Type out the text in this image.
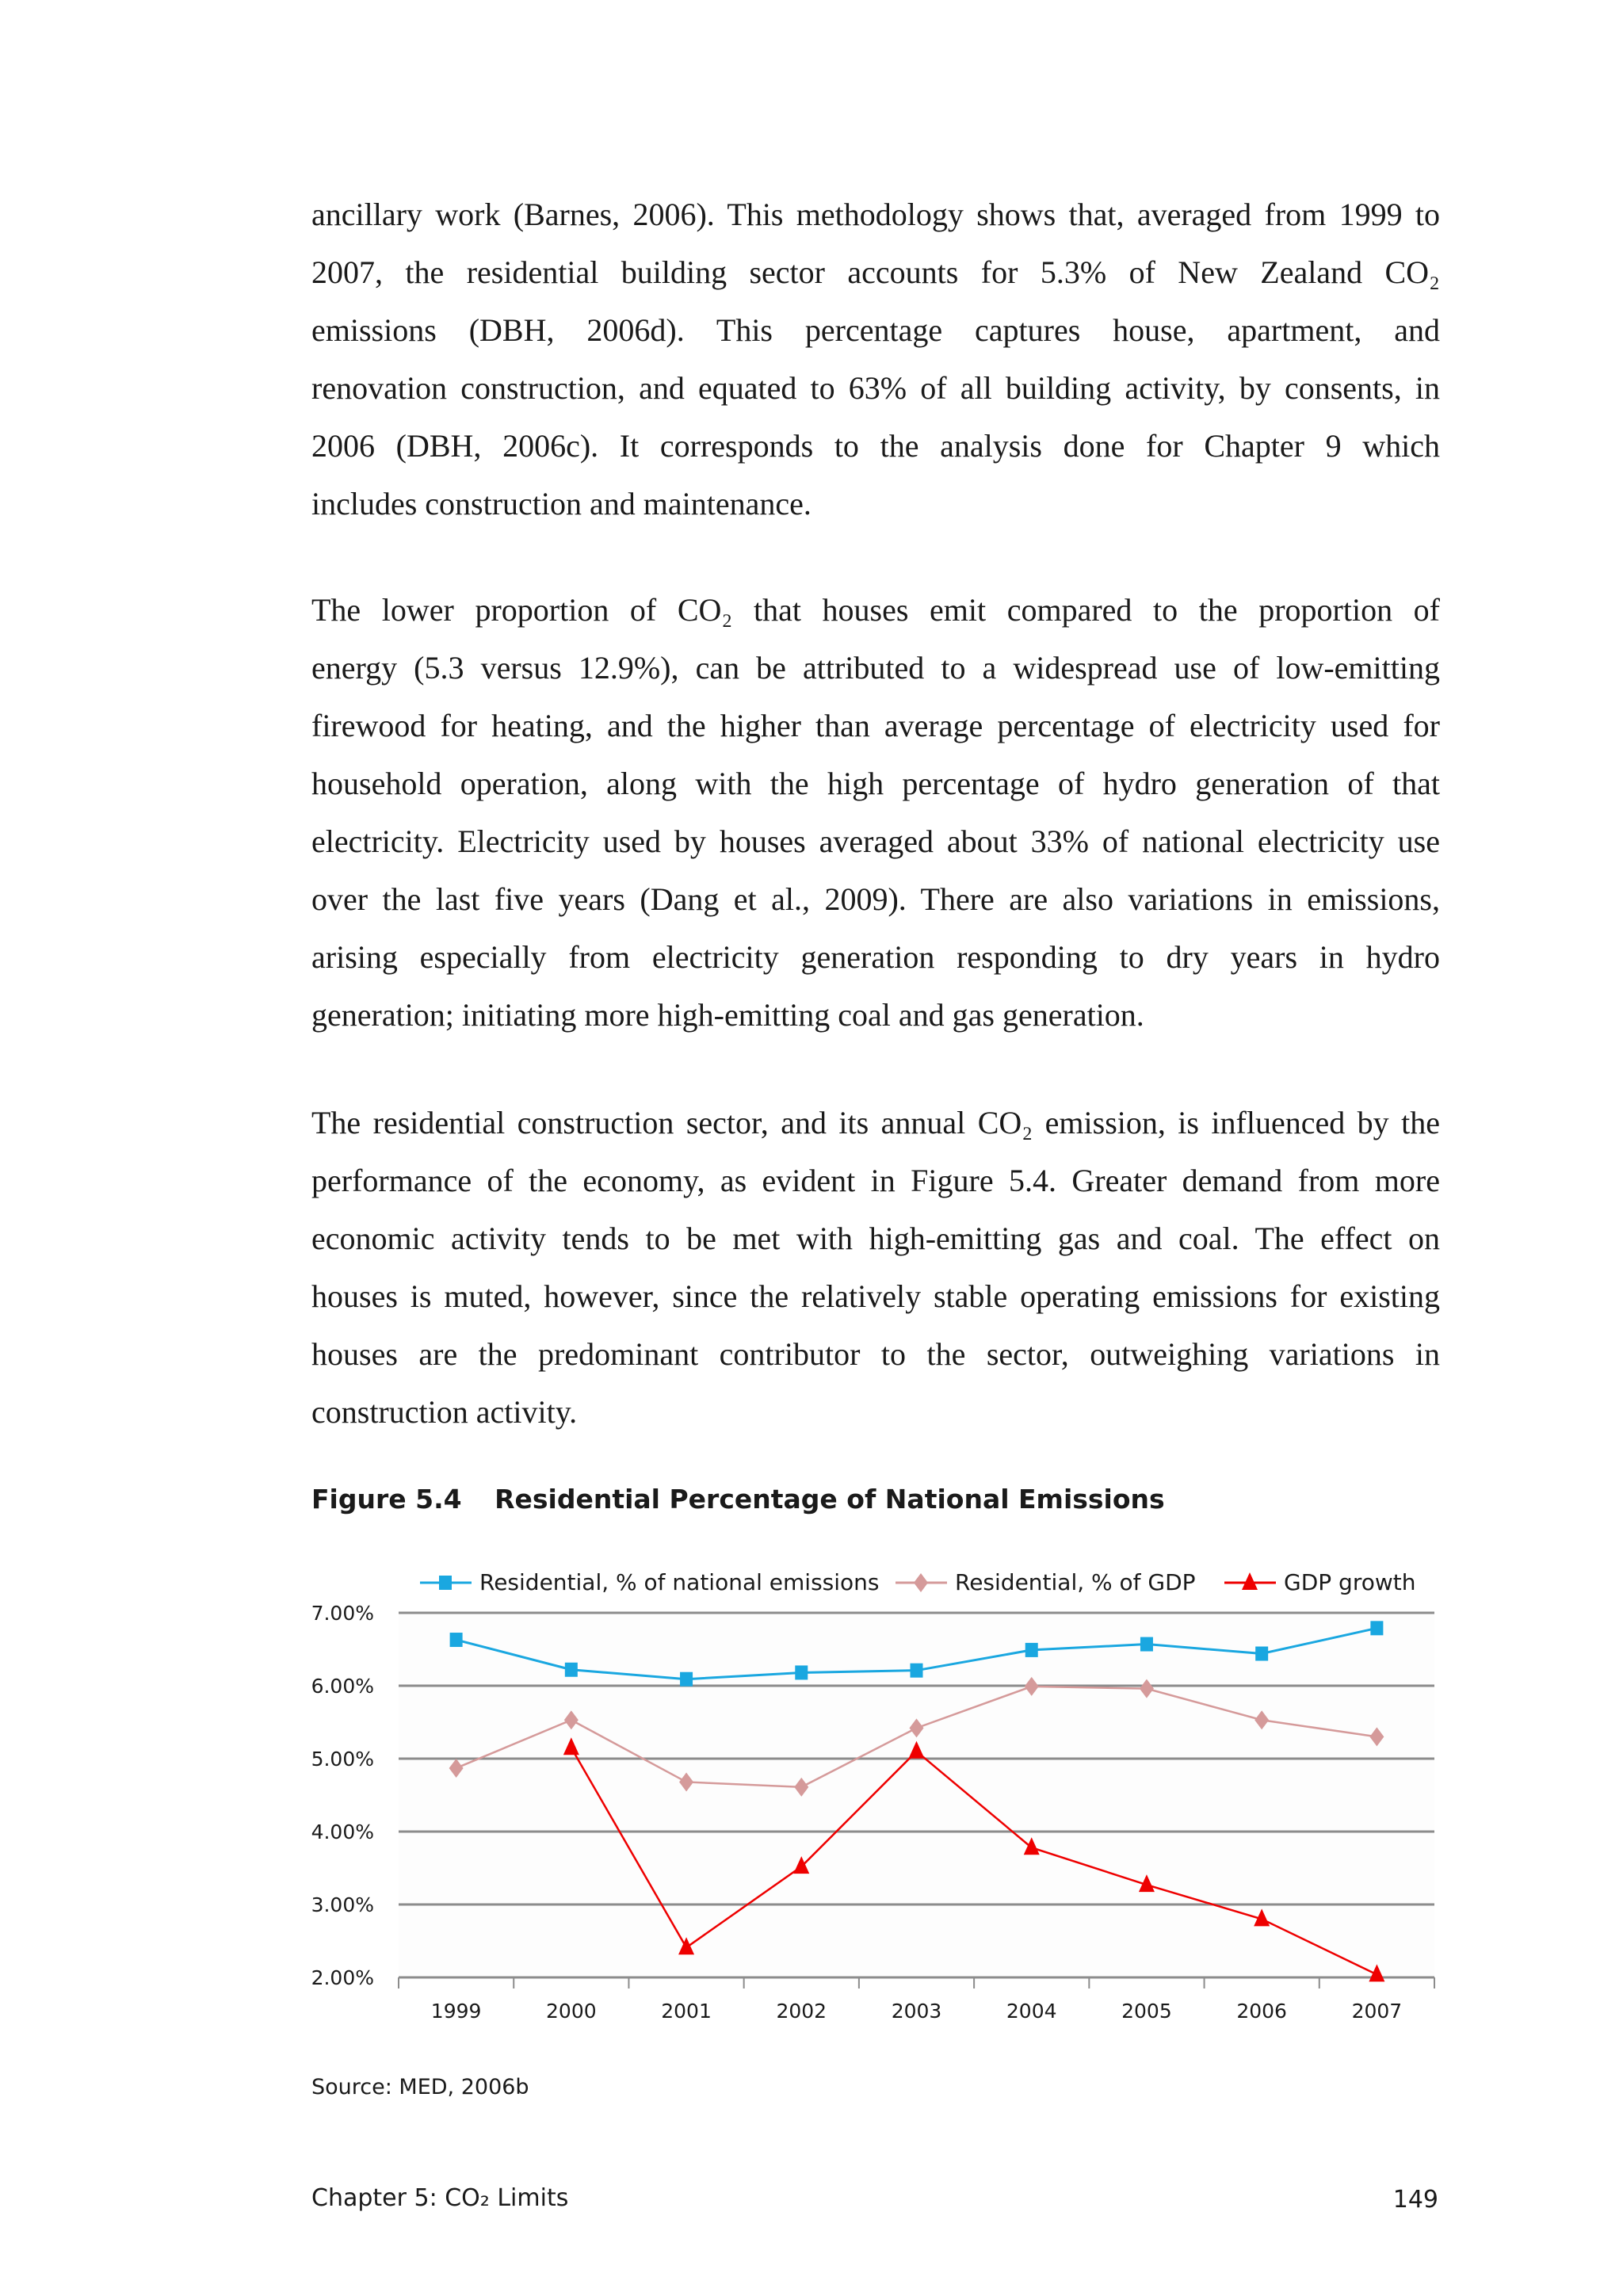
ancillary work (Barnes, 2006). This methodology shows that, averaged from 1999 to
2007, the residential building sector accounts for 5.3% of New Zealand CO₂
emissions (DBH, 2006d). This percentage captures house, apartment, and
renovation construction, and equated to 63% of all building activity, by consents, in
2006 (DBH, 2006c). It corresponds to the analysis done for Chapter 9 which
includes construction and maintenance.
The lower proportion of CO₂ that houses emit compared to the proportion of
energy (5.3 versus 12.9%), can be attributed to a widespread use of low-emitting
firewood for heating, and the higher than average percentage of electricity used for
household operation, along with the high percentage of hydro generation of that
electricity. Electricity used by houses averaged about 33% of national electricity use
over the last five years (Dang et al., 2009). There are also variations in emissions,
arising especially from electricity generation responding to dry years in hydro
generation; initiating more high-emitting coal and gas generation.
The residential construction sector, and its annual CO₂ emission, is influenced by the
performance of the economy, as evident in Figure 5.4. Greater demand from more
economic activity tends to be met with high-emitting gas and coal. The effect on
houses is muted, however, since the relatively stable operating emissions for existing
houses are the predominant contributor to the sector, outweighing variations in
construction activity.
Figure 5.4 Residential Percentage of National Emissions
2.00%
3.00%
4.00%
5.00%
6.00%
7.00%
1999	2000	2001	2002	2003	2004	2005	2006	2007
Residential, % of national emissions	Residential, % of GDP	GDP growth
Source: MED, 2006b
Chapter 5: CO₂ Limits	149
